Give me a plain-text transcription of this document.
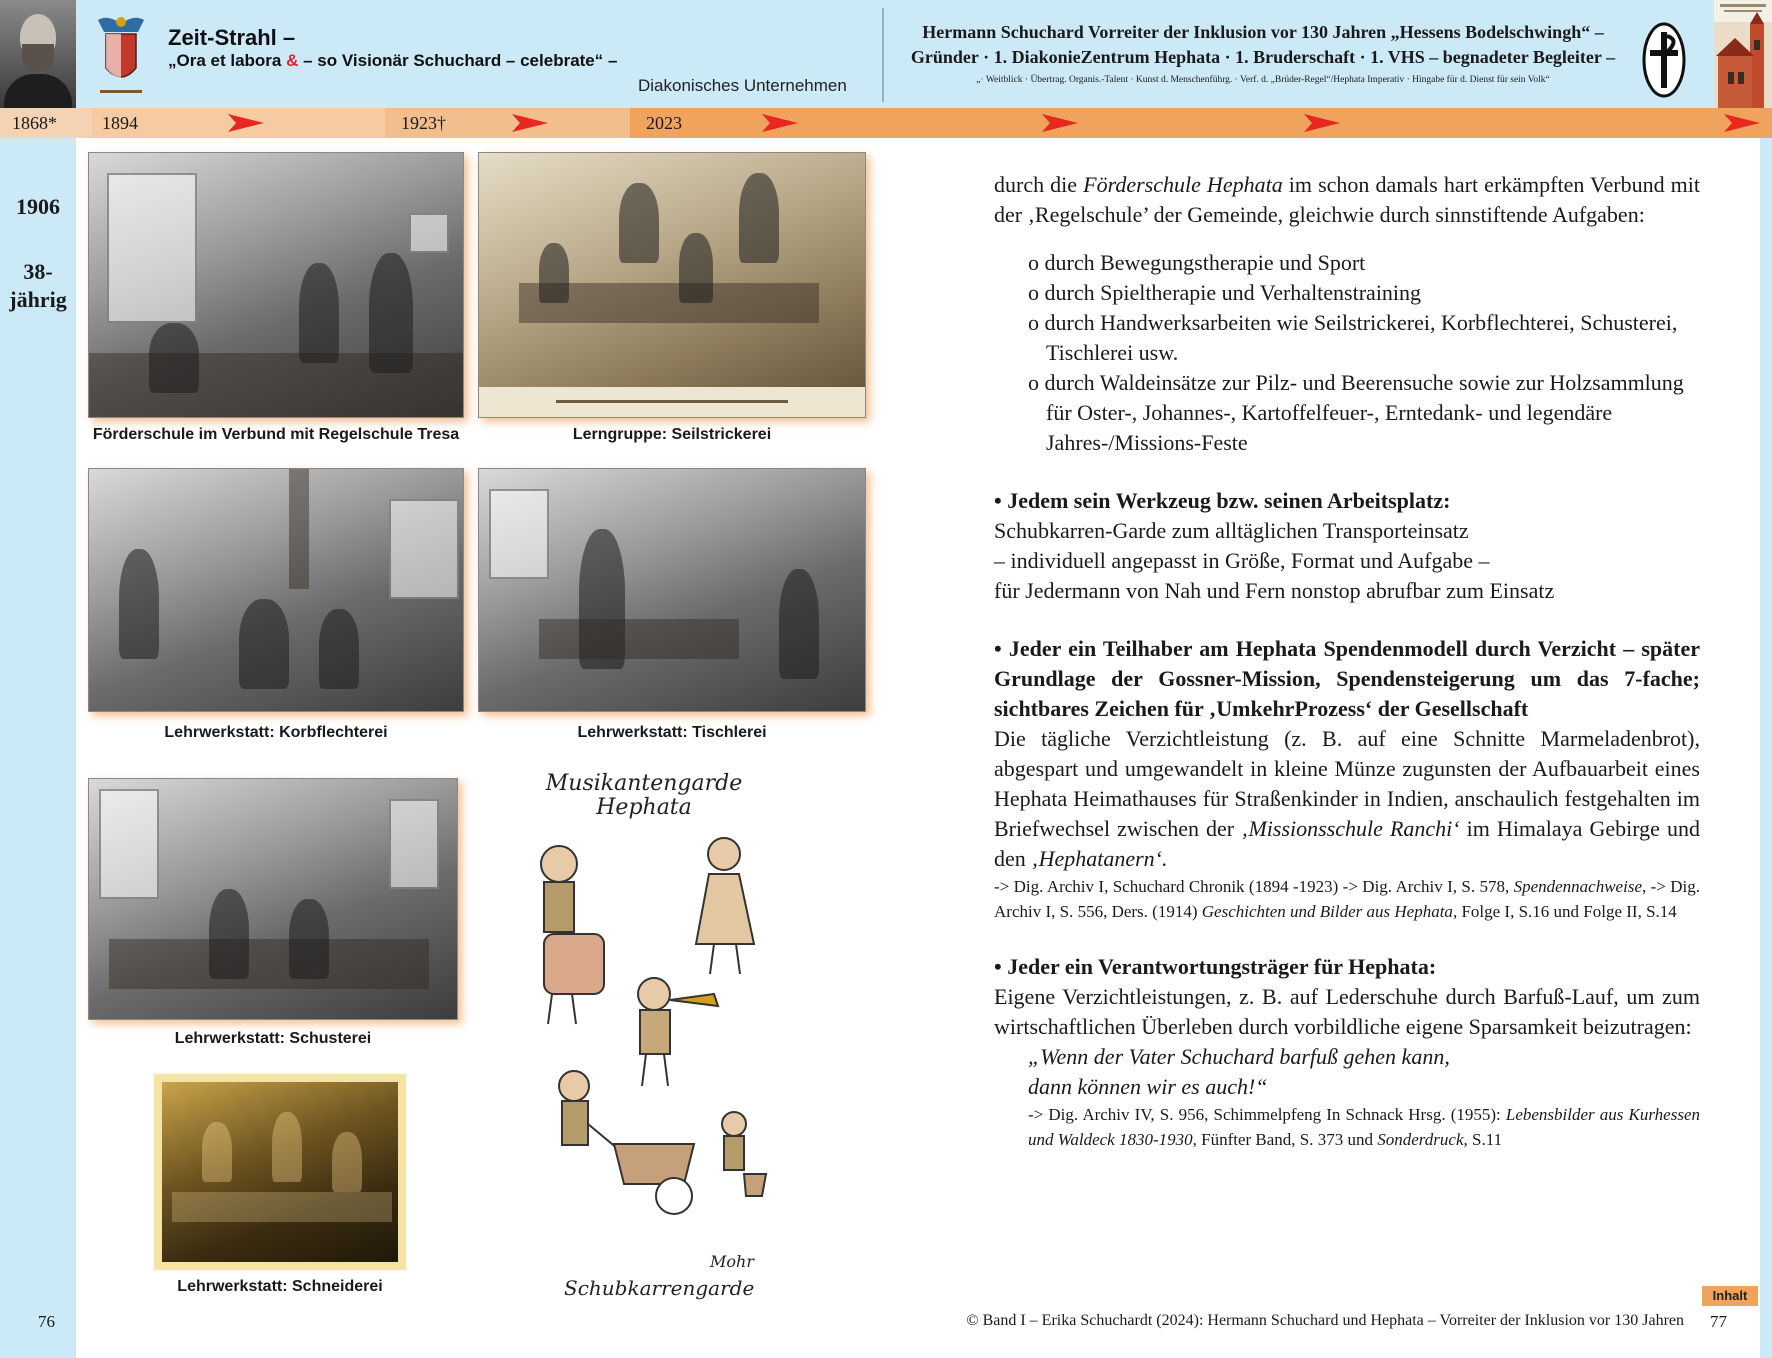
Zeit-Strahl –
„Ora et labora & – so Visionär Schuchard – celebrate“ –
Diakonisches Unternehmen
Hermann Schuchard Vorreiter der Inklusion vor 130 Jahren „Hessens Bodelschwingh“ –
Gründer · 1. DiakonieZentrum Hephata · 1. Bruderschaft · 1. VHS – begnadeter Begleiter –
„· Weitblick · Übertrag. Organis.-Talent · Kunst d. Menschenführg. · Verf. d. „Brüder-Regel“/Hephata Imperativ · Hingabe für d. Dienst für sein Volk“
1868*	1894	1923†	2023
1906
38-
jährig
Förderschule im Verbund mit Regelschule Tresa	Lerngruppe: Seilstrickerei
Lehrwerkstatt: Korbflechterei	Lehrwerkstatt: Tischlerei
Lehrwerkstatt: Schusterei
Lehrwerkstatt: Schneiderei
Musikantengarde
Hephata
Mohr
Schubkarrengarde

durch die Förderschule Hephata im schon damals hart erkämpften Verbund mit der ‚Regelschule’ der Gemeinde, gleichwie durch sinnstiftende Aufgaben:

o durch Bewegungstherapie und Sport
o durch Spieltherapie und Verhaltenstraining
o durch Handwerksarbeiten wie Seilstrickerei, Korbflechterei, Schusterei, Tischlerei usw.
o durch Waldeinsätze zur Pilz- und Beerensuche sowie zur Holzsammlung für Oster-, Johannes-, Kartoffelfeuer-, Erntedank- und legendäre Jahres-/Missions-Feste

• Jedem sein Werkzeug bzw. seinen Arbeitsplatz:

Schubkarren-Garde zum alltäglichen Transporteinsatz

– individuell angepasst in Größe, Format und Aufgabe –

für Jedermann von Nah und Fern nonstop abrufbar zum Einsatz

• Jeder ein Teilhaber am Hephata Spendenmodell durch Verzicht – später Grundlage der Gossner-Mission, Spendensteigerung um das 7-fache; sichtbares Zeichen für ‚UmkehrProzess‘ der Gesellschaft

Die tägliche Verzichtleistung (z. B. auf eine Schnitte Marmeladenbrot), abgespart und umgewandelt in kleine Münze zugunsten der Aufbauarbeit eines Hephata Heimathauses für Straßenkinder in Indien, anschaulich festgehalten im Briefwechsel zwischen der ‚Missionsschule Ranchi‘ im Himalaya Gebirge und den ‚Hephatanern‘.

-> Dig. Archiv I, Schuchard Chronik (1894 -1923) -> Dig. Archiv I, S. 578, Spendennachweise, -> Dig. Archiv I, S. 556, Ders. (1914) Geschichten und Bilder aus Hephata, Folge I, S.16 und Folge II, S.14

• Jeder ein Verantwortungsträger für Hephata:

Eigene Verzichtleistungen, z. B. auf Lederschuhe durch Barfuß-Lauf, um zum wirtschaftlichen Überleben durch vorbildliche eigene Sparsamkeit beizutragen:

„Wenn der Vater Schuchard barfuß gehen kann,

dann können wir es auch!“

-> Dig. Archiv IV, S. 956, Schimmelpfeng In Schnack Hrsg. (1955): Lebensbilder aus Kurhessen und Waldeck 1830-1930, Fünfter Band, S. 373 und Sonderdruck, S.11

76	© Band I – Erika Schuchardt (2024): Hermann Schuchard und Hephata – Vorreiter der Inklusion vor 130 Jahren 77
Inhalt
